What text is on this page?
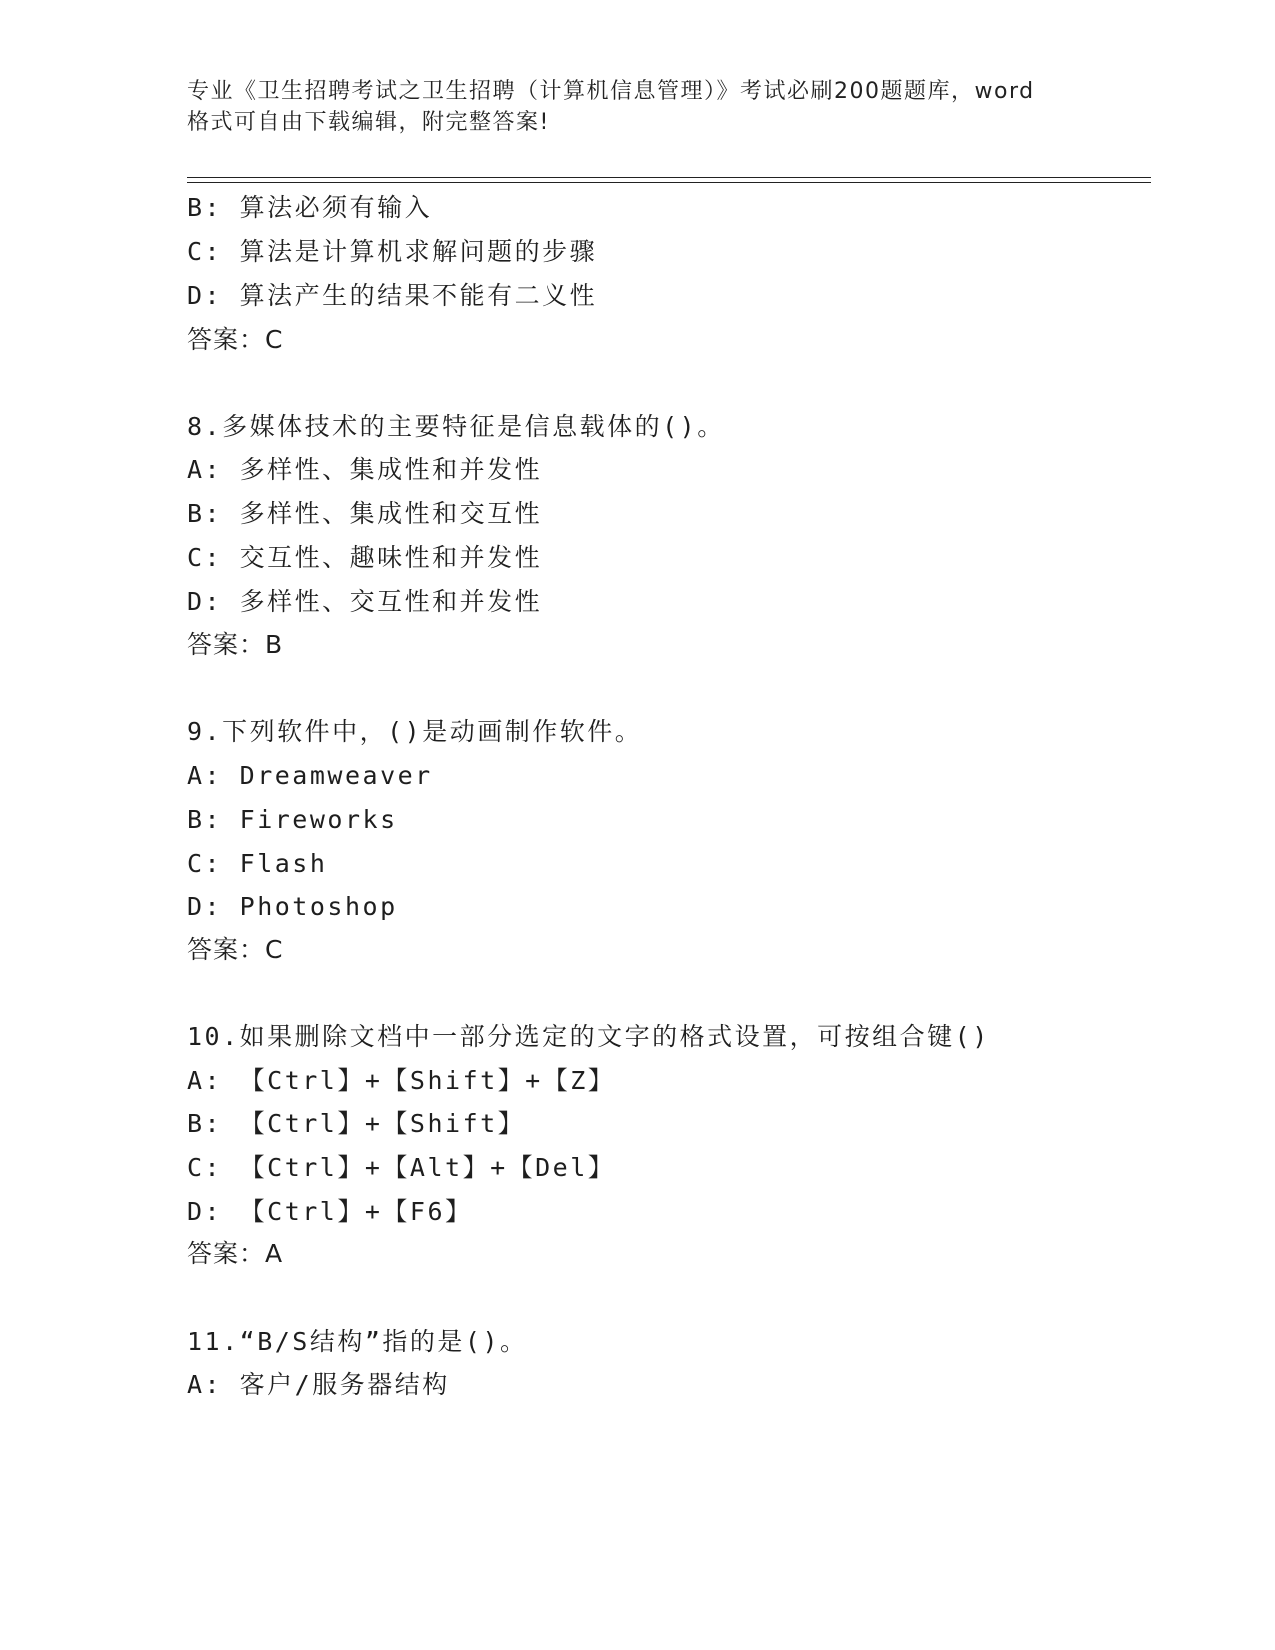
专业《卫生招聘考试之卫生招聘（计算机信息管理）》考试必刷200题题库，word
格式可自由下载编辑，附完整答案!
B: 算法必须有输入
C: 算法是计算机求解问题的步骤
D: 算法产生的结果不能有二义性
答案：C
8.多媒体技术的主要特征是信息载体的()。
A: 多样性、集成性和并发性
B: 多样性、集成性和交互性
C: 交互性、趣味性和并发性
D: 多样性、交互性和并发性
答案：B
9.下列软件中，()是动画制作软件。
A: Dreamweaver
B: Fireworks
C: Flash
D: Photoshop
答案：C
10.如果删除文档中一部分选定的文字的格式设置，可按组合键()
A: 【Ctrl】+【Shift】+【Z】
B: 【Ctrl】+【Shift】
C: 【Ctrl】+【Alt】+【Del】
D: 【Ctrl】+【F6】
答案：A
11.“B/S结构”指的是()。
A: 客户/服务器结构
